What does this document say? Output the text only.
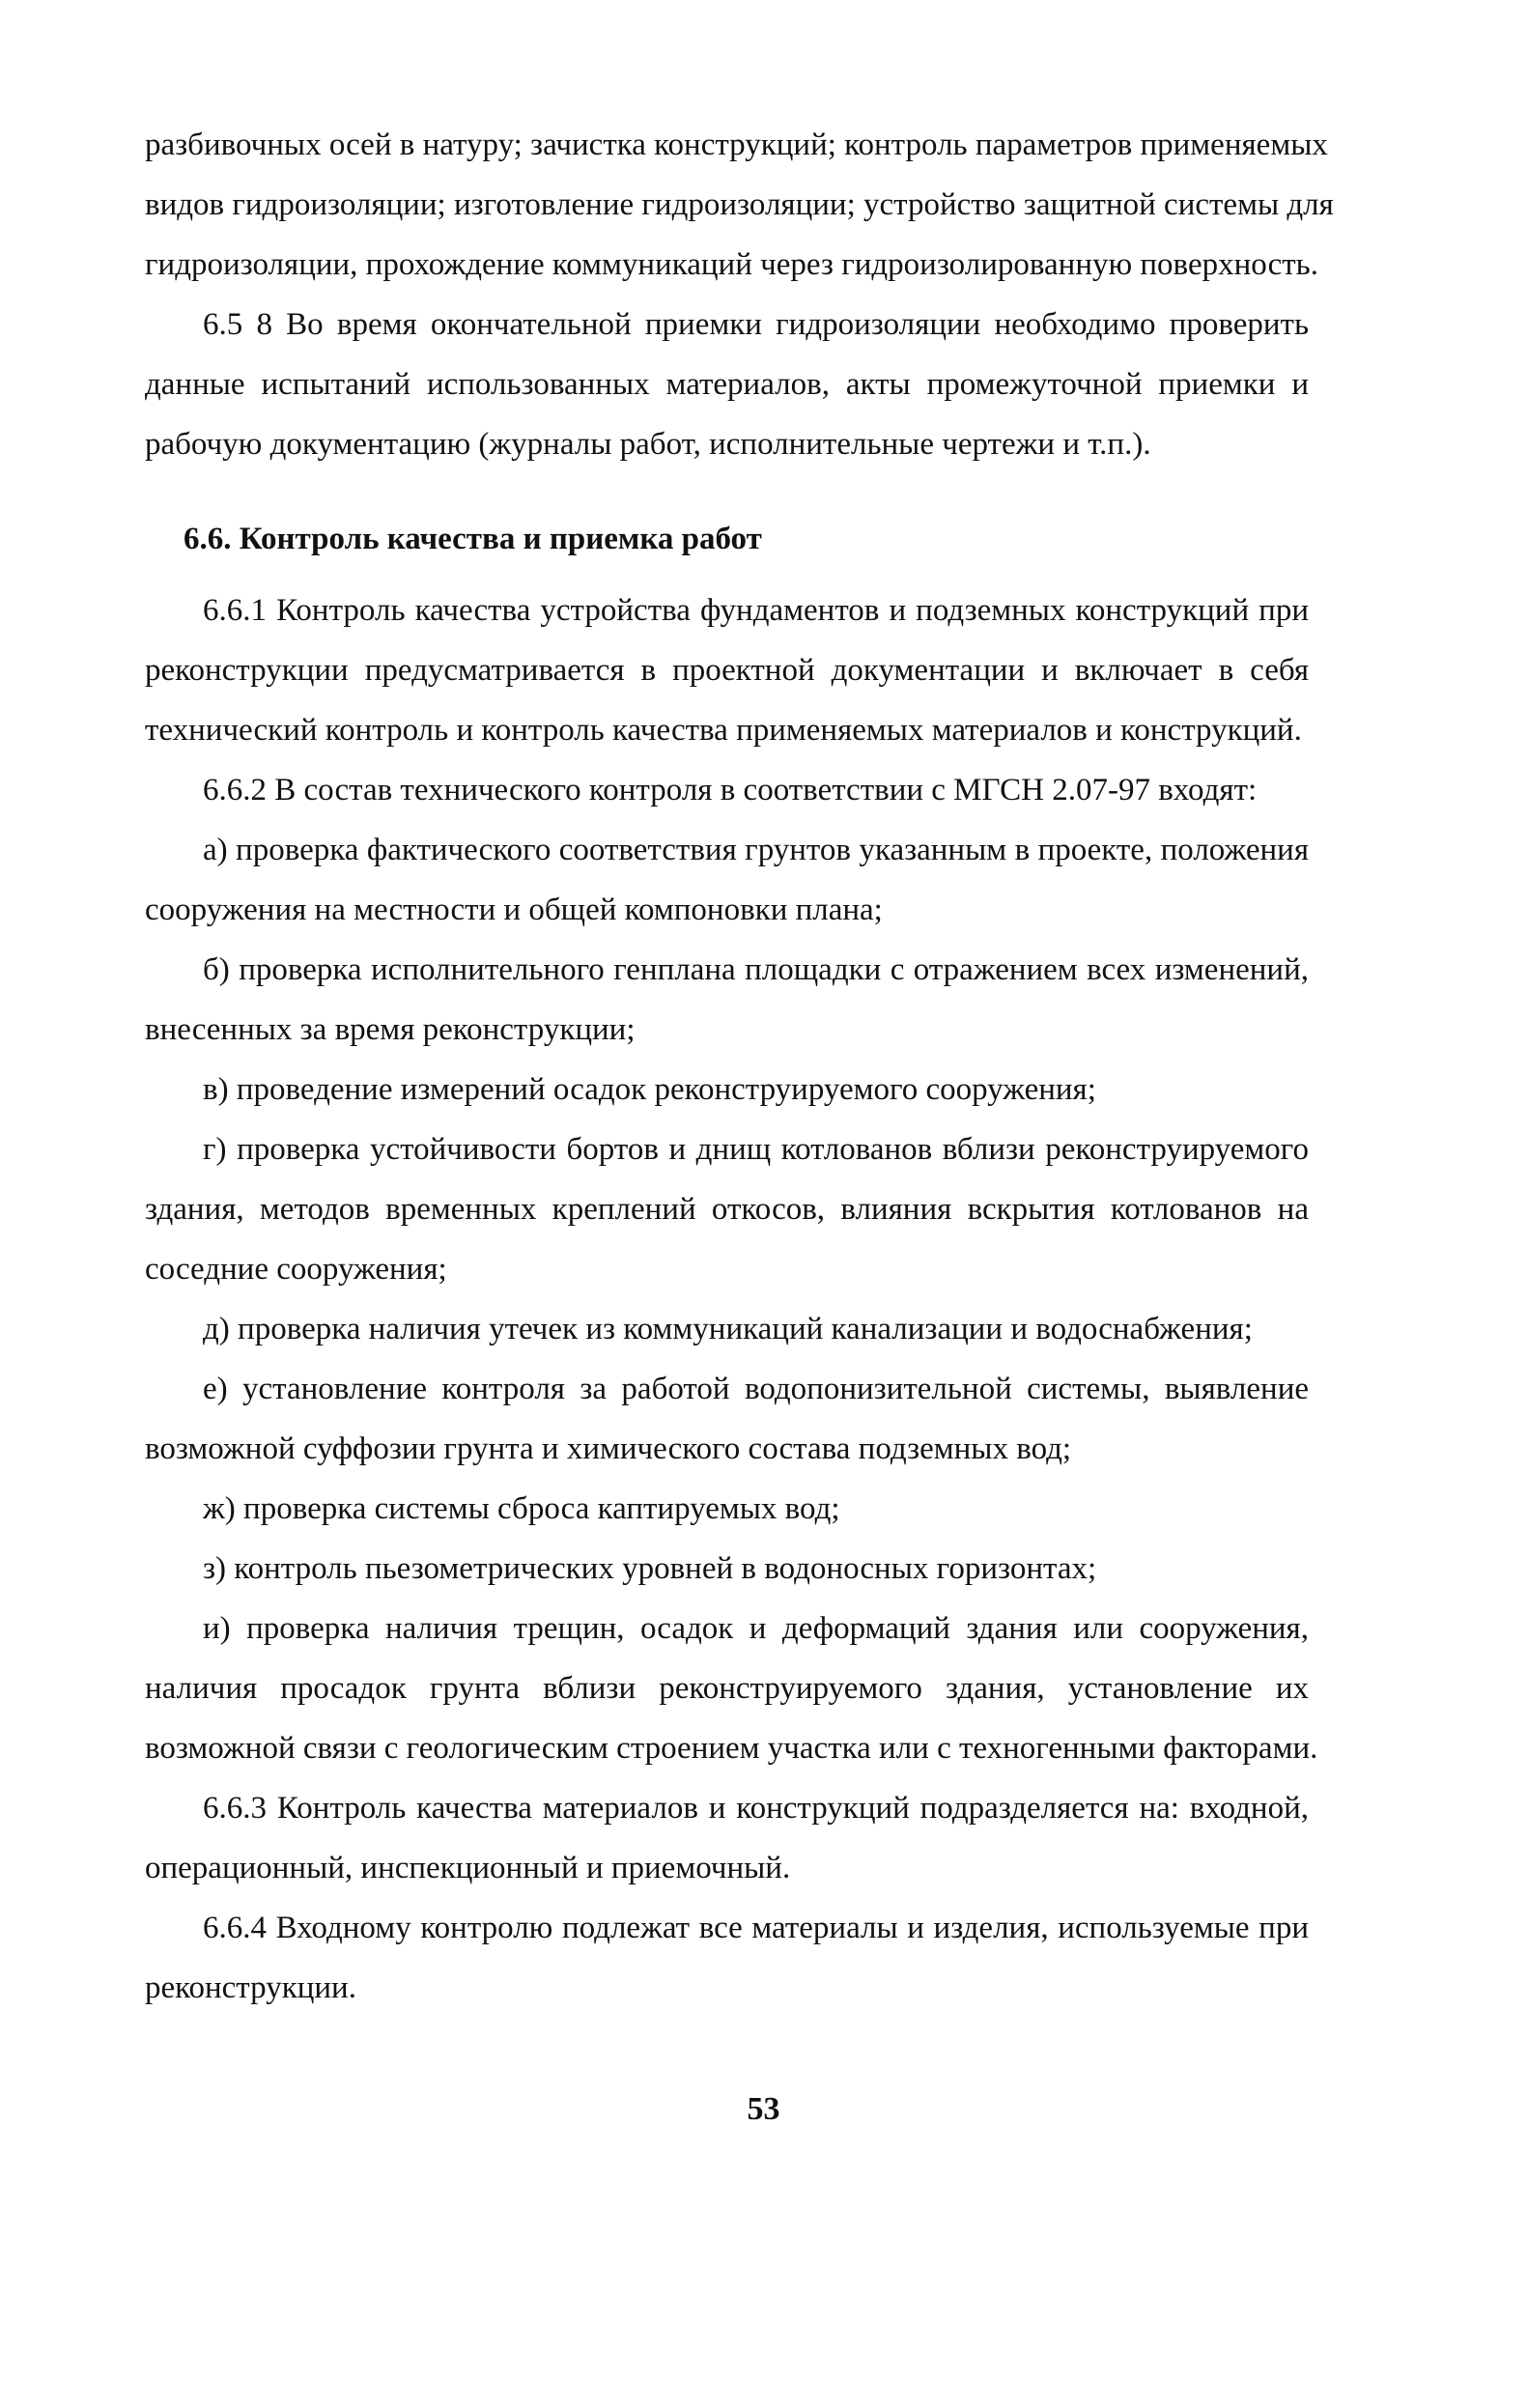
разбивочных осей в натуру; зачистка конструкций; контроль параметров применяемых
видов гидроизоляции; изготовление гидроизоляции; устройство защитной системы для
гидроизоляции, прохождение коммуникаций через гидроизолированную поверхность.
6.5 8 Во время окончательной приемки гидроизоляции необходимо проверить
данные испытаний использованных материалов, акты промежуточной приемки и
рабочую документацию (журналы работ, исполнительные чертежи и т.п.).
6.6. Контроль качества и приемка работ
6.6.1 Контроль качества устройства фундаментов и подземных конструкций при
реконструкции предусматривается в проектной документации и включает в себя
технический контроль и контроль качества применяемых материалов и конструкций.
6.6.2 В состав технического контроля в соответствии с МГСН 2.07-97 входят:
а) проверка фактического соответствия грунтов указанным в проекте, положения
сооружения на местности и общей компоновки плана;
б) проверка исполнительного генплана площадки с отражением всех изменений,
внесенных за время реконструкции;
в) проведение измерений осадок реконструируемого сооружения;
г) проверка устойчивости бортов и днищ котлованов вблизи реконструируемого
здания, методов временных креплений откосов, влияния вскрытия котлованов на
соседние сооружения;
д) проверка наличия утечек из коммуникаций канализации и водоснабжения;
е) установление контроля за работой водопонизительной системы, выявление
возможной суффозии грунта и химического состава подземных вод;
ж) проверка системы сброса каптируемых вод;
з) контроль пьезометрических уровней в водоносных горизонтах;
и) проверка наличия трещин, осадок и деформаций здания или сооружения,
наличия просадок грунта вблизи реконструируемого здания, установление их
возможной связи с геологическим строением участка или с техногенными факторами.
6.6.3 Контроль качества материалов и конструкций подразделяется на: входной,
операционный, инспекционный и приемочный.
6.6.4 Входному контролю подлежат все материалы и изделия, используемые при
реконструкции.
53
